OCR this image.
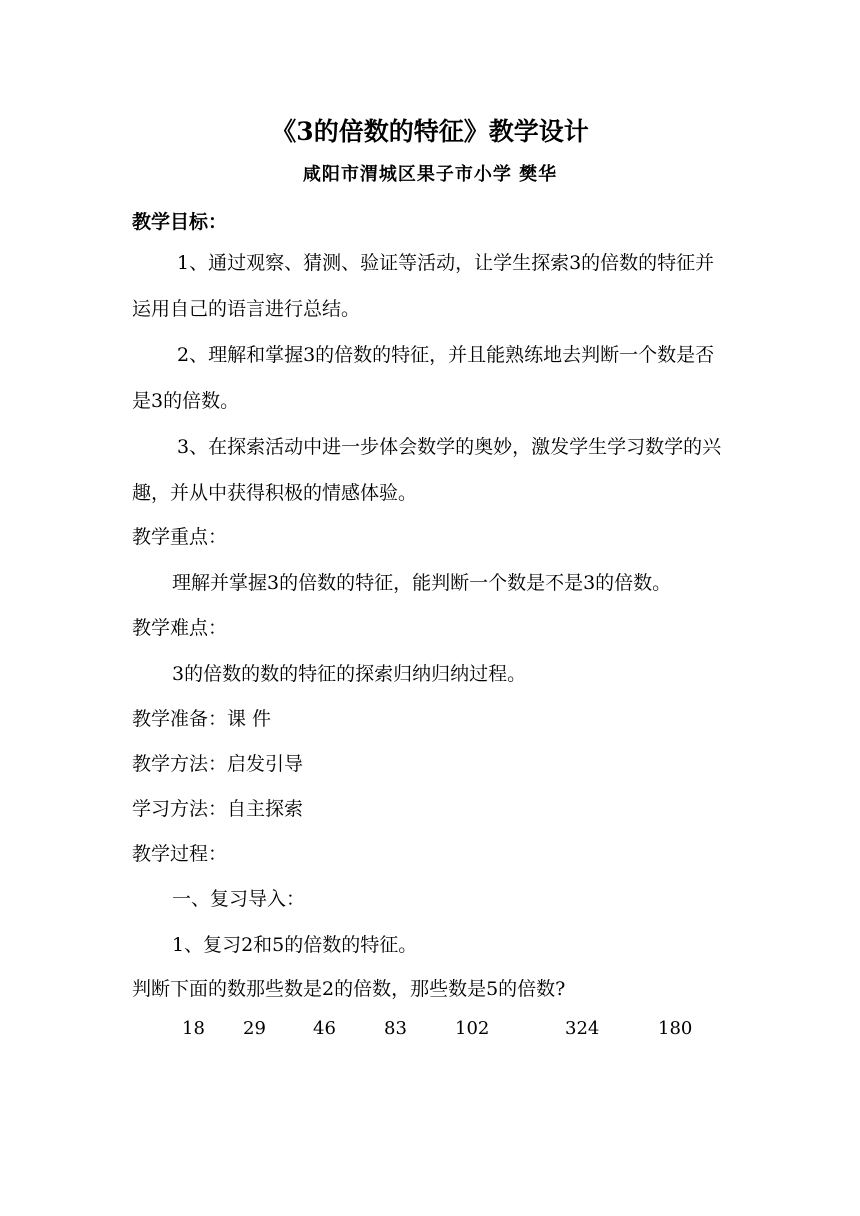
《3的倍数的特征》教学设计
咸阳市渭城区果子市小学 樊华
教学目标：

1、通过观察、猜测、验证等活动，让学生探索3的倍数的特征并运用自己的语言进行总结。

2、理解和掌握3的倍数的特征，并且能熟练地去判断一个数是否是3的倍数。

3、在探索活动中进一步体会数学的奥妙，激发学生学习数学的兴趣，并从中获得积极的情感体验。

教学重点：
理解并掌握3的倍数的特征，能判断一个数是不是3的倍数。
教学难点：
3的倍数的数的特征的探索归纳归纳过程。
教学准备：课 件
教学方法：启发引导
学习方法：自主探索
教学过程：
一、复习导入：
1、复习2和5的倍数的特征。
判断下面的数那些数是2的倍数，那些数是5的倍数?
18 29	46	83	102	324	180
